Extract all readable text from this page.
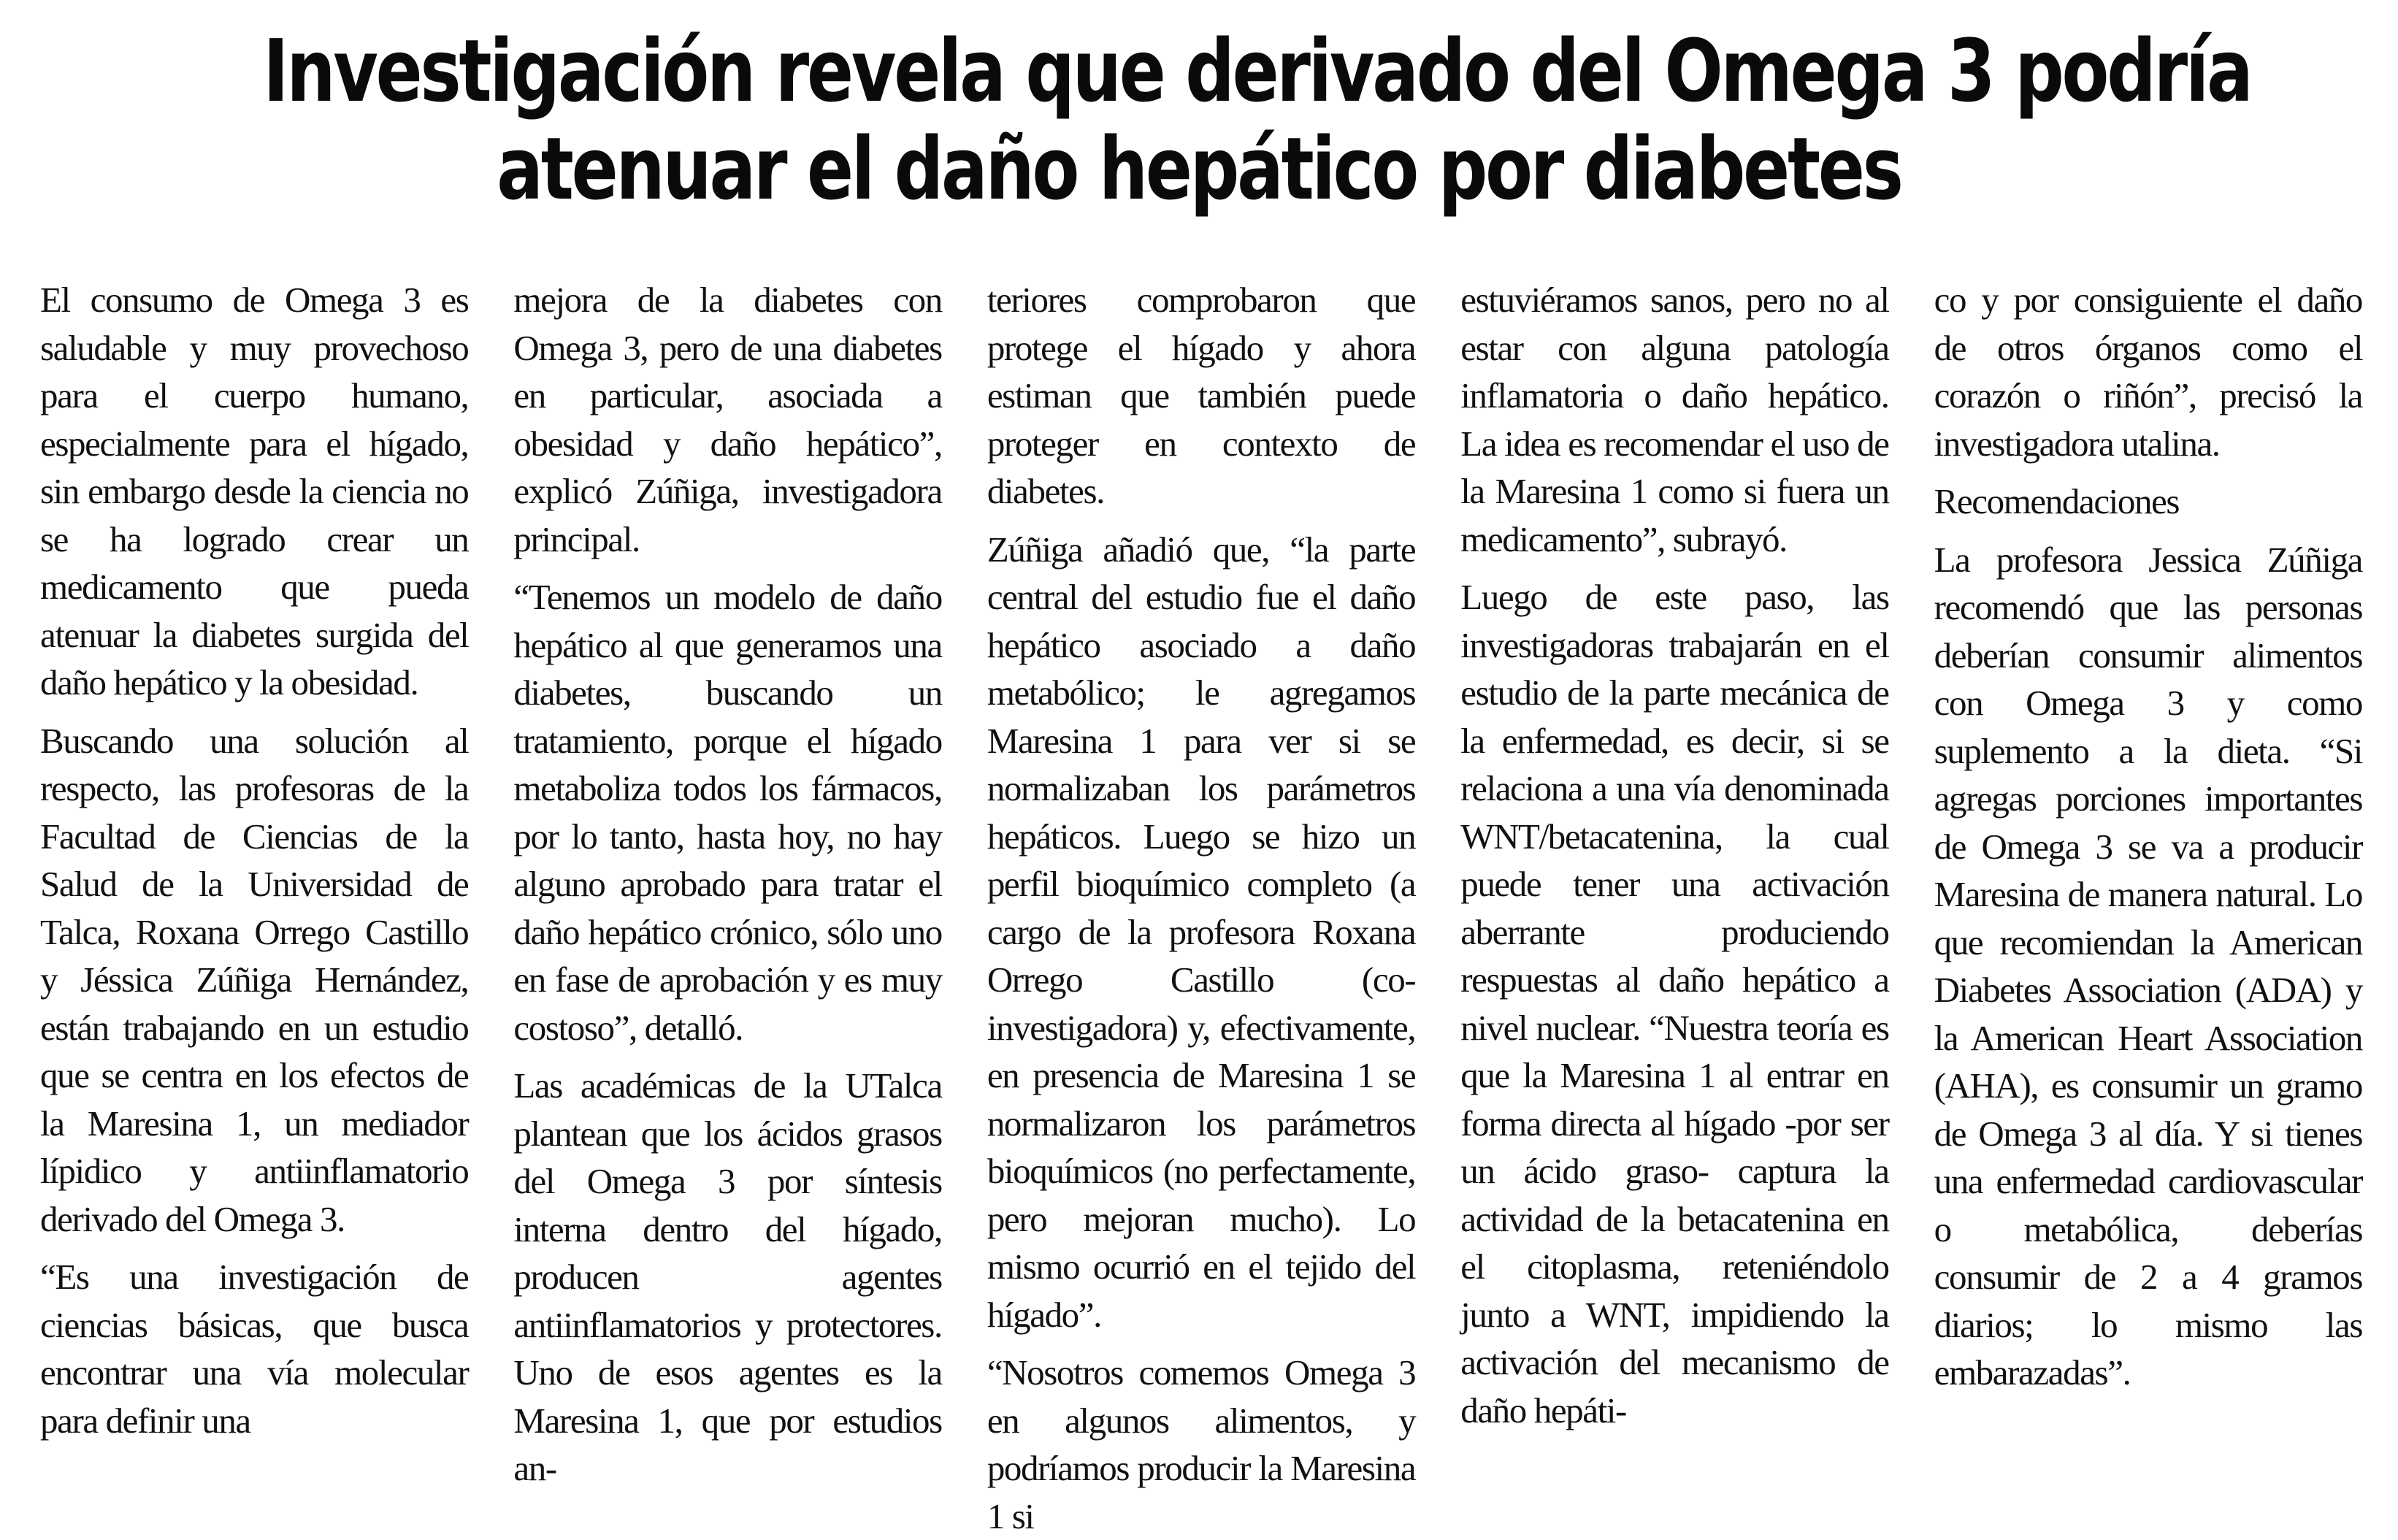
Investigación revela que derivado del Omega 3 podría
atenuar el daño hepático por diabetes

El consumo de Omega 3 es saludable y muy provechoso para el cuerpo humano, especialmente para el hígado, sin embargo desde la ciencia no se ha logrado crear un medicamento que pueda atenuar la diabetes surgida del daño hepático y la obesidad.

Buscando una solución al respecto, las profesoras de la Facultad de Ciencias de la Salud de la Universidad de Talca, Roxana Orrego Castillo y Jéssica Zúñiga Hernández, están trabajando en un estudio que se centra en los efectos de la Maresina 1, un mediador lípidico y antiinflamatorio derivado del Omega 3.

“Es una investigación de ciencias básicas, que busca encontrar una vía molecular para definir una

mejora de la diabetes con Omega 3, pero de una diabetes en particular, asociada a obesidad y daño hepático”, explicó Zúñiga, investigadora principal.

“Tenemos un modelo de daño hepático al que generamos una diabetes, buscando un tratamiento, porque el hígado metaboliza todos los fármacos, por lo tanto, hasta hoy, no hay alguno aprobado para tratar el daño hepático crónico, sólo uno en fase de aprobación y es muy costoso”, detalló.

Las académicas de la UTalca plantean que los ácidos grasos del Omega 3 por síntesis interna dentro del hígado, producen agentes antiinflamatorios y protectores. Uno de esos agentes es la Maresina 1, que por estudios an-

teriores comprobaron que protege el hígado y ahora estiman que también puede proteger en contexto de diabetes.

Zúñiga añadió que, “la parte central del estudio fue el daño hepático asociado a daño metabólico; le agregamos Maresina 1 para ver si se normalizaban los parámetros hepáticos. Luego se hizo un perfil bioquímico completo (a cargo de la profesora Roxana Orrego Castillo (co-investigadora) y, efectivamente, en presencia de Maresina 1 se normalizaron los parámetros bioquímicos (no perfectamente, pero mejoran mucho). Lo mismo ocurrió en el tejido del hígado”.

“Nosotros comemos Omega 3 en algunos alimentos, y podríamos producir la Maresina 1 si

estuviéramos sanos, pero no al estar con alguna patología inflamatoria o daño hepático. La idea es recomendar el uso de la Maresina 1 como si fuera un medicamento”, subrayó.

Luego de este paso, las investigadoras trabajarán en el estudio de la parte mecánica de la enfermedad, es decir, si se relaciona a una vía denominada WNT/betacatenina, la cual puede tener una activación aberrante produciendo respuestas al daño hepático a nivel nuclear. “Nuestra teoría es que la Maresina 1 al entrar en forma directa al hígado -por ser un ácido graso- captura la actividad de la betacatenina en el citoplasma, reteniéndolo junto a WNT, impidiendo la activación del mecanismo de daño hepáti-

co y por consiguiente el daño de otros órganos como el corazón o riñón”, precisó la investigadora utalina.

Recomendaciones

La profesora Jessica Zúñiga recomendó que las personas deberían consumir alimentos con Omega 3 y como suplemento a la dieta. “Si agregas porciones importantes de Omega 3 se va a producir Maresina de manera natural. Lo que recomiendan la American Diabetes Association (ADA) y la American Heart Association (AHA), es consumir un gramo de Omega 3 al día. Y si tienes una enfermedad cardiovascular o metabólica, deberías consumir de 2 a 4 gramos diarios; lo mismo las embarazadas”.
